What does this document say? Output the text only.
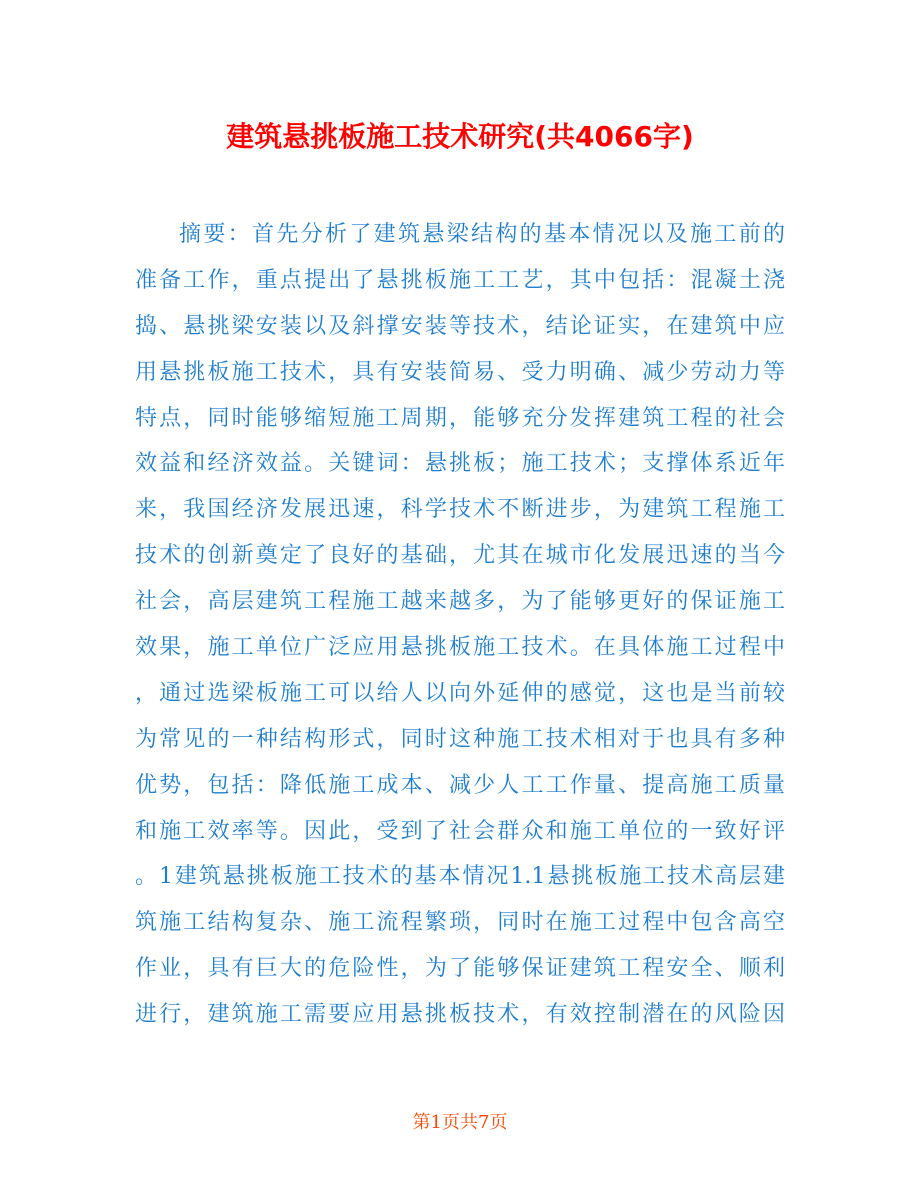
建筑悬挑板施工技术研究(共4066字)
摘要：首先分析了建筑悬梁结构的基本情况以及施工前的
准备工作，重点提出了悬挑板施工工艺，其中包括：混凝土浇
捣、悬挑梁安装以及斜撑安装等技术，结论证实，在建筑中应
用悬挑板施工技术，具有安装简易、受力明确、减少劳动力等
特点，同时能够缩短施工周期，能够充分发挥建筑工程的社会
效益和经济效益。关键词：悬挑板；施工技术；支撑体系近年
来，我国经济发展迅速，科学技术不断进步，为建筑工程施工
技术的创新奠定了良好的基础，尤其在城市化发展迅速的当今
社会，高层建筑工程施工越来越多，为了能够更好的保证施工
效果，施工单位广泛应用悬挑板施工技术。在具体施工过程中
，通过选梁板施工可以给人以向外延伸的感觉，这也是当前较
为常见的一种结构形式，同时这种施工技术相对于也具有多种
优势，包括：降低施工成本、减少人工工作量、提高施工质量
和施工效率等。因此，受到了社会群众和施工单位的一致好评
。1建筑悬挑板施工技术的基本情况1.1悬挑板施工技术高层建
筑施工结构复杂、施工流程繁琐，同时在施工过程中包含高空
作业，具有巨大的危险性，为了能够保证建筑工程安全、顺利
进行，建筑施工需要应用悬挑板技术，有效控制潜在的风险因
第1页共7页
